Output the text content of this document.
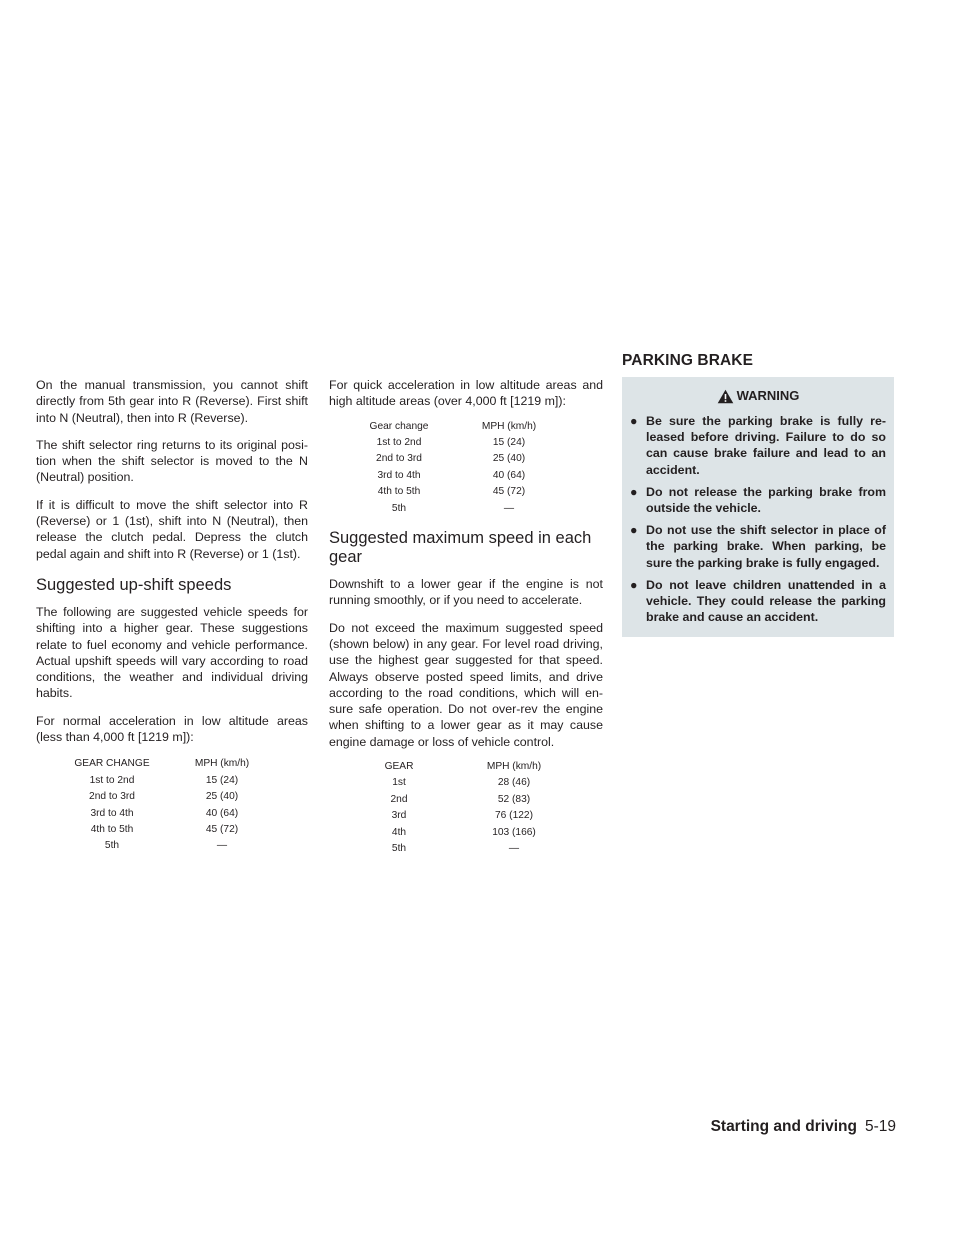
On the manual transmission, you cannot shift directly from 5th gear into R (Reverse). First shift into N (Neutral), then into R (Reverse).

The shift selector ring returns to its original posi-tion when the shift selector is moved to the N (Neutral) position.

If it is difficult to move the shift selector into R (Reverse) or 1 (1st), shift into N (Neutral), then release the clutch pedal. Depress the clutch pedal again and shift into R (Reverse) or 1 (1st).

Suggested up-shift speeds

The following are suggested vehicle speeds for shifting into a higher gear. These suggestions relate to fuel economy and vehicle performance. Actual upshift speeds will vary according to road conditions, the weather and individual driving habits.

For normal acceleration in low altitude areas (less than 4,000 ft [1219 m]):

GEAR CHANGE	MPH (km/h)
1st to 2nd	15 (24)
2nd to 3rd	25 (40)
3rd to 4th	40 (64)
4th to 5th	45 (72)
5th	—

For quick acceleration in low altitude areas and high altitude areas (over 4,000 ft [1219 m]):

Gear change	MPH (km/h)
1st to 2nd	15 (24)
2nd to 3rd	25 (40)
3rd to 4th	40 (64)
4th to 5th	45 (72)
5th	—
Suggested maximum speed in each gear

Downshift to a lower gear if the engine is not running smoothly, or if you need to accelerate.

Do not exceed the maximum suggested speed (shown below) in any gear. For level road driving, use the highest gear suggested for that speed. Always observe posted speed limits, and drive according to the road conditions, which will en-sure safe operation. Do not over-rev the engine when shifting to a lower gear as it may cause engine damage or loss of vehicle control.

GEAR	MPH (km/h)
1st	28 (46)
2nd	52 (83)
3rd	76 (122)
4th	103 (166)
5th	—
PARKING BRAKE
WARNING
● Be sure the parking brake is fully re-leased before driving. Failure to do so can cause brake failure and lead to an accident.
● Do not release the parking brake from outside the vehicle.
● Do not use the shift selector in place of the parking brake. When parking, be sure the parking brake is fully engaged.
● Do not leave children unattended in a vehicle. They could release the parking brake and cause an accident.
Starting and driving 5-19
